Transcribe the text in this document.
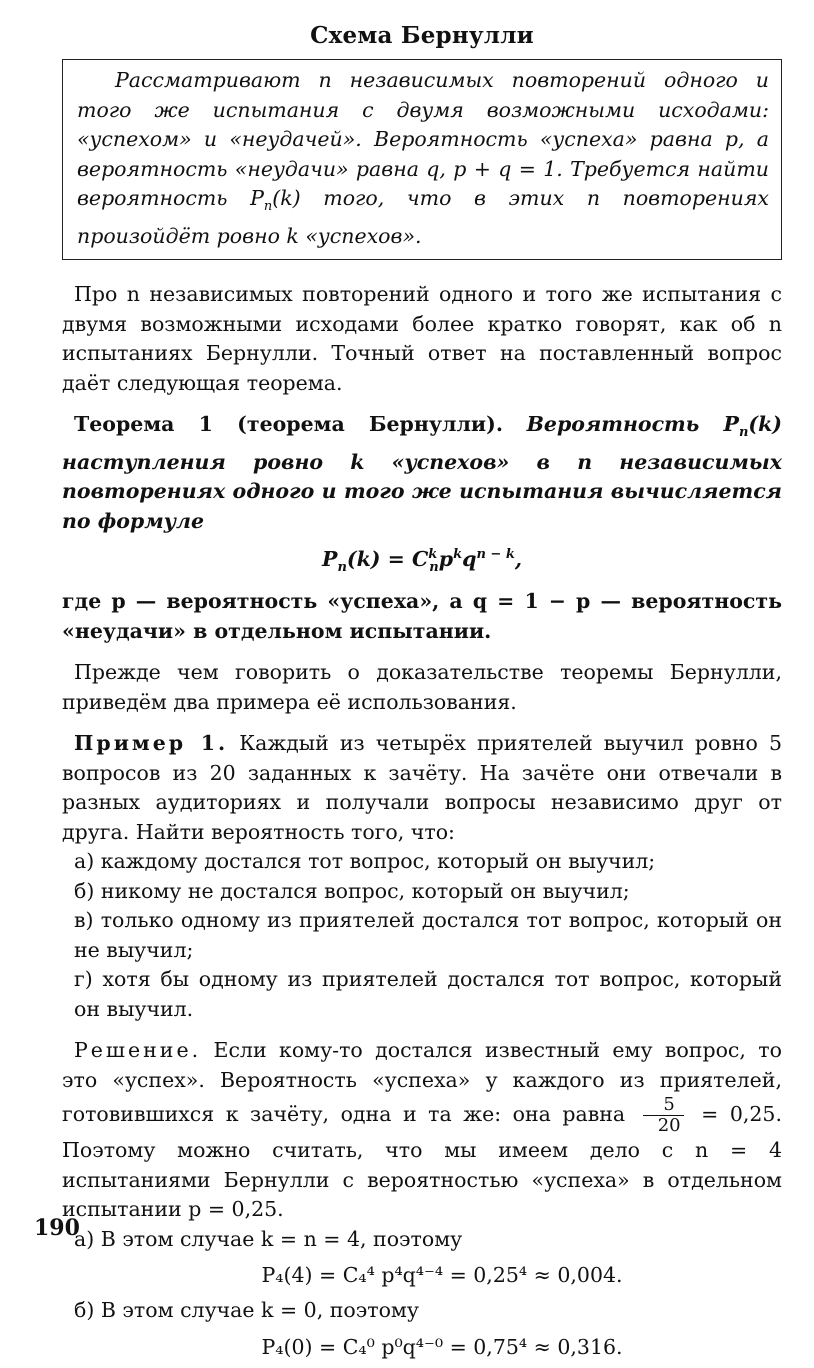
Схема Бернулли
Рассматривают n независимых повторений одного и того же испытания с двумя возможными исходами: «успехом» и «неудачей». Вероятность «успеха» равна p, а вероятность «неудачи» равна q, p + q = 1. Требуется найти вероятность $P_n(k)$ того, что в этих n повторениях произойдёт ровно k «успехов».

Про n независимых повторений одного и того же испытания с двумя возможными исходами более кратко говорят, как об n испытаниях Бернулли. Точный ответ на поставленный вопрос даёт следующая теорема.

Теорема 1 (теорема Бернулли). Вероятность $P_n(k)$ наступления ровно k «успехов» в n независимых повторениях одного и того же испытания вычисляется по формуле

$P_n(k) = C^k_np^kq^{n - k}$,

где p — вероятность «успеха», а q = 1 − p — вероятность «неудачи» в отдельном испытании.

Прежде чем говорить о доказательстве теоремы Бернулли, приведём два примера её использования.

Пример 1. Каждый из четырёх приятелей выучил ровно 5 вопросов из 20 заданных к зачёту. На зачёте они отвечали в разных аудиториях и получали вопросы независимо друг от друга. Найти вероятность того, что:

а) каждому достался тот вопрос, который он выучил;

б) никому не достался вопрос, который он выучил;

в) только одному из приятелей достался тот вопрос, который он не выучил;

г) хотя бы одному из приятелей достался тот вопрос, который он выучил.

Решение. Если кому-то достался известный ему вопрос, то это «успех». Вероятность «успеха» у каждого из приятелей, готовившихся к зачёту, одна и та же: она равна $\frac{5}{20} = 0,25$. Поэтому можно считать, что мы имеем дело с n = 4 испытаниями Бернулли с вероятностью «успеха» в отдельном испытании p = 0,25.

а) В этом случае k = n = 4, поэтому

P₄(4) = C₄⁴ p⁴q⁴⁻⁴ = 0,25⁴ ≈ 0,004.

б) В этом случае k = 0, поэтому

P₄(0) = C₄⁰ p⁰q⁴⁻⁰ = 0,75⁴ ≈ 0,316.
190
